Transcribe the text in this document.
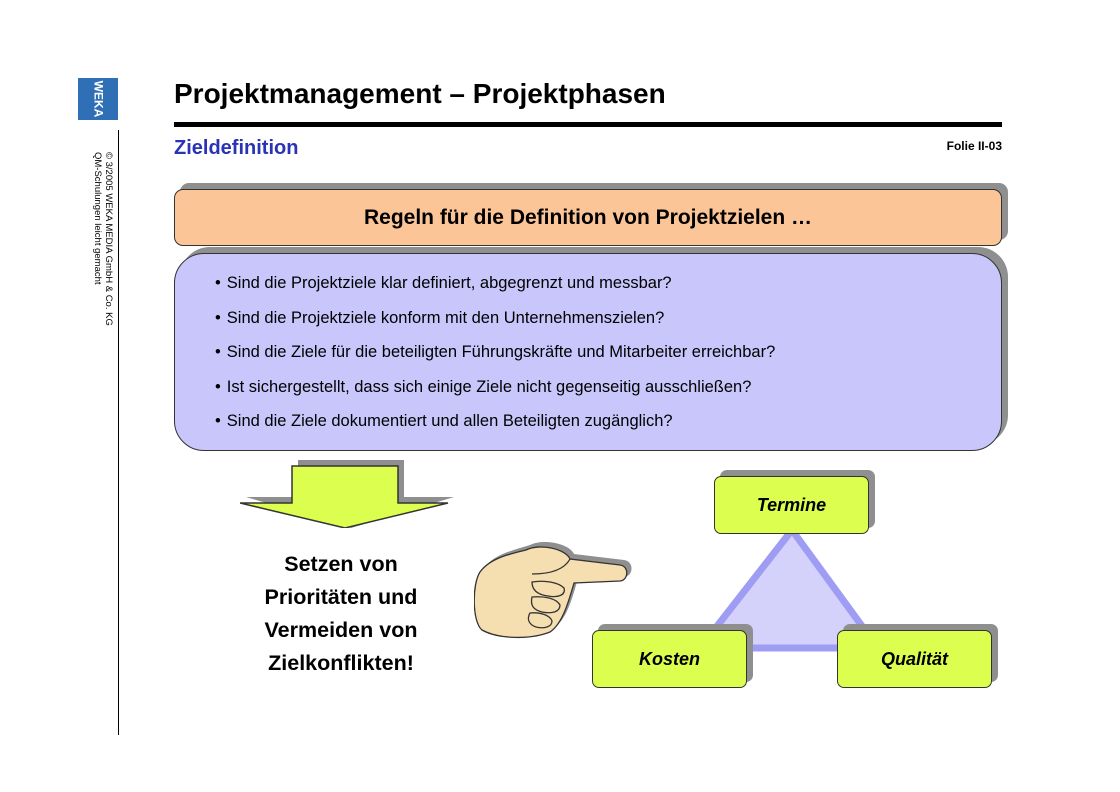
WEKA
© 3/2005 WEKA MEDIA GmbH & Co. KG
QM-Schulungen leicht gemacht
Projektmanagement – Projektphasen
Zieldefinition	Folie II-03
Regeln für die Definition von Projektzielen …
• Sind die Projektziele klar definiert, abgegrenzt und messbar?
• Sind die Projektziele konform mit den Unternehmenszielen?
• Sind die Ziele für die beteiligten Führungskräfte und Mitarbeiter erreichbar?
• Ist sichergestellt, dass sich einige Ziele nicht gegenseitig ausschließen?
• Sind die Ziele dokumentiert und allen Beteiligten zugänglich?
Setzen von
Prioritäten und
Vermeiden von
Zielkonflikten!
Termine
Kosten	Qualität
